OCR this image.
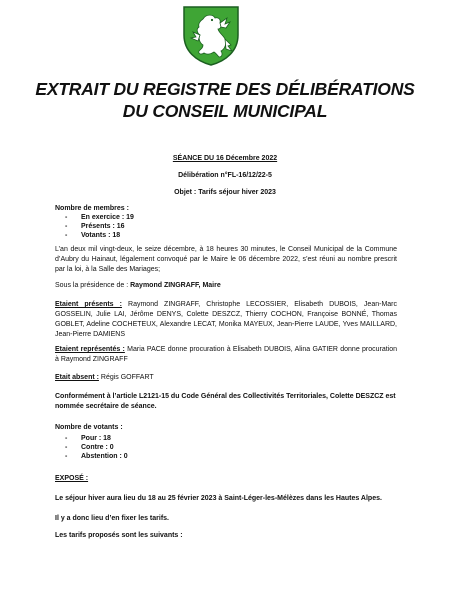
EXTRAIT DU REGISTRE DES DÉLIBÉRATIONS
DU CONSEIL MUNICIPAL
SÉANCE DU 16 Décembre 2022
Délibération n°FL-16/12/22-5
Objet : Tarifs séjour hiver 2023
Nombre de membres :
- En exercice : 19
- Présents : 16
- Votants : 18
L’an deux mil vingt-deux, le seize décembre, à 18 heures 30 minutes, le Conseil Municipal de la Commune d’Aubry du Hainaut, légalement convoqué par le Maire le 06 décembre 2022, s’est réuni au nombre prescrit par la loi, à la Salle des Mariages;
Sous la présidence de : Raymond ZINGRAFF, Maire
Etaient présents : Raymond ZINGRAFF, Christophe LECOSSIER, Elisabeth DUBOIS, Jean-Marc GOSSELIN, Julie LAI, Jérôme DENYS, Colette DESZCZ, Thierry COCHON, Françoise BONNÉ, Thomas GOBLET, Adeline COCHETEUX, Alexandre LECAT, Monika MAYEUX, Jean-Pierre LAUDE, Yves MAILLARD, Jean-Pierre DAMIENS
Etaient représentés : Maria PACE donne procuration à Elisabeth DUBOIS, Alina GATIER donne procuration à Raymond ZINGRAFF
Etait absent : Régis GOFFART
Conformément à l’article L2121-15 du Code Général des Collectivités Territoriales, Colette DESZCZ est nommée secrétaire de séance.
Nombre de votants :
- Pour : 18
- Contre : 0
- Abstention : 0
EXPOSÉ :
Le séjour hiver aura lieu du 18 au 25 février 2023 à Saint-Léger-les-Mélèzes dans les Hautes Alpes.
Il y a donc lieu d’en fixer les tarifs.
Les tarifs proposés sont les suivants :
